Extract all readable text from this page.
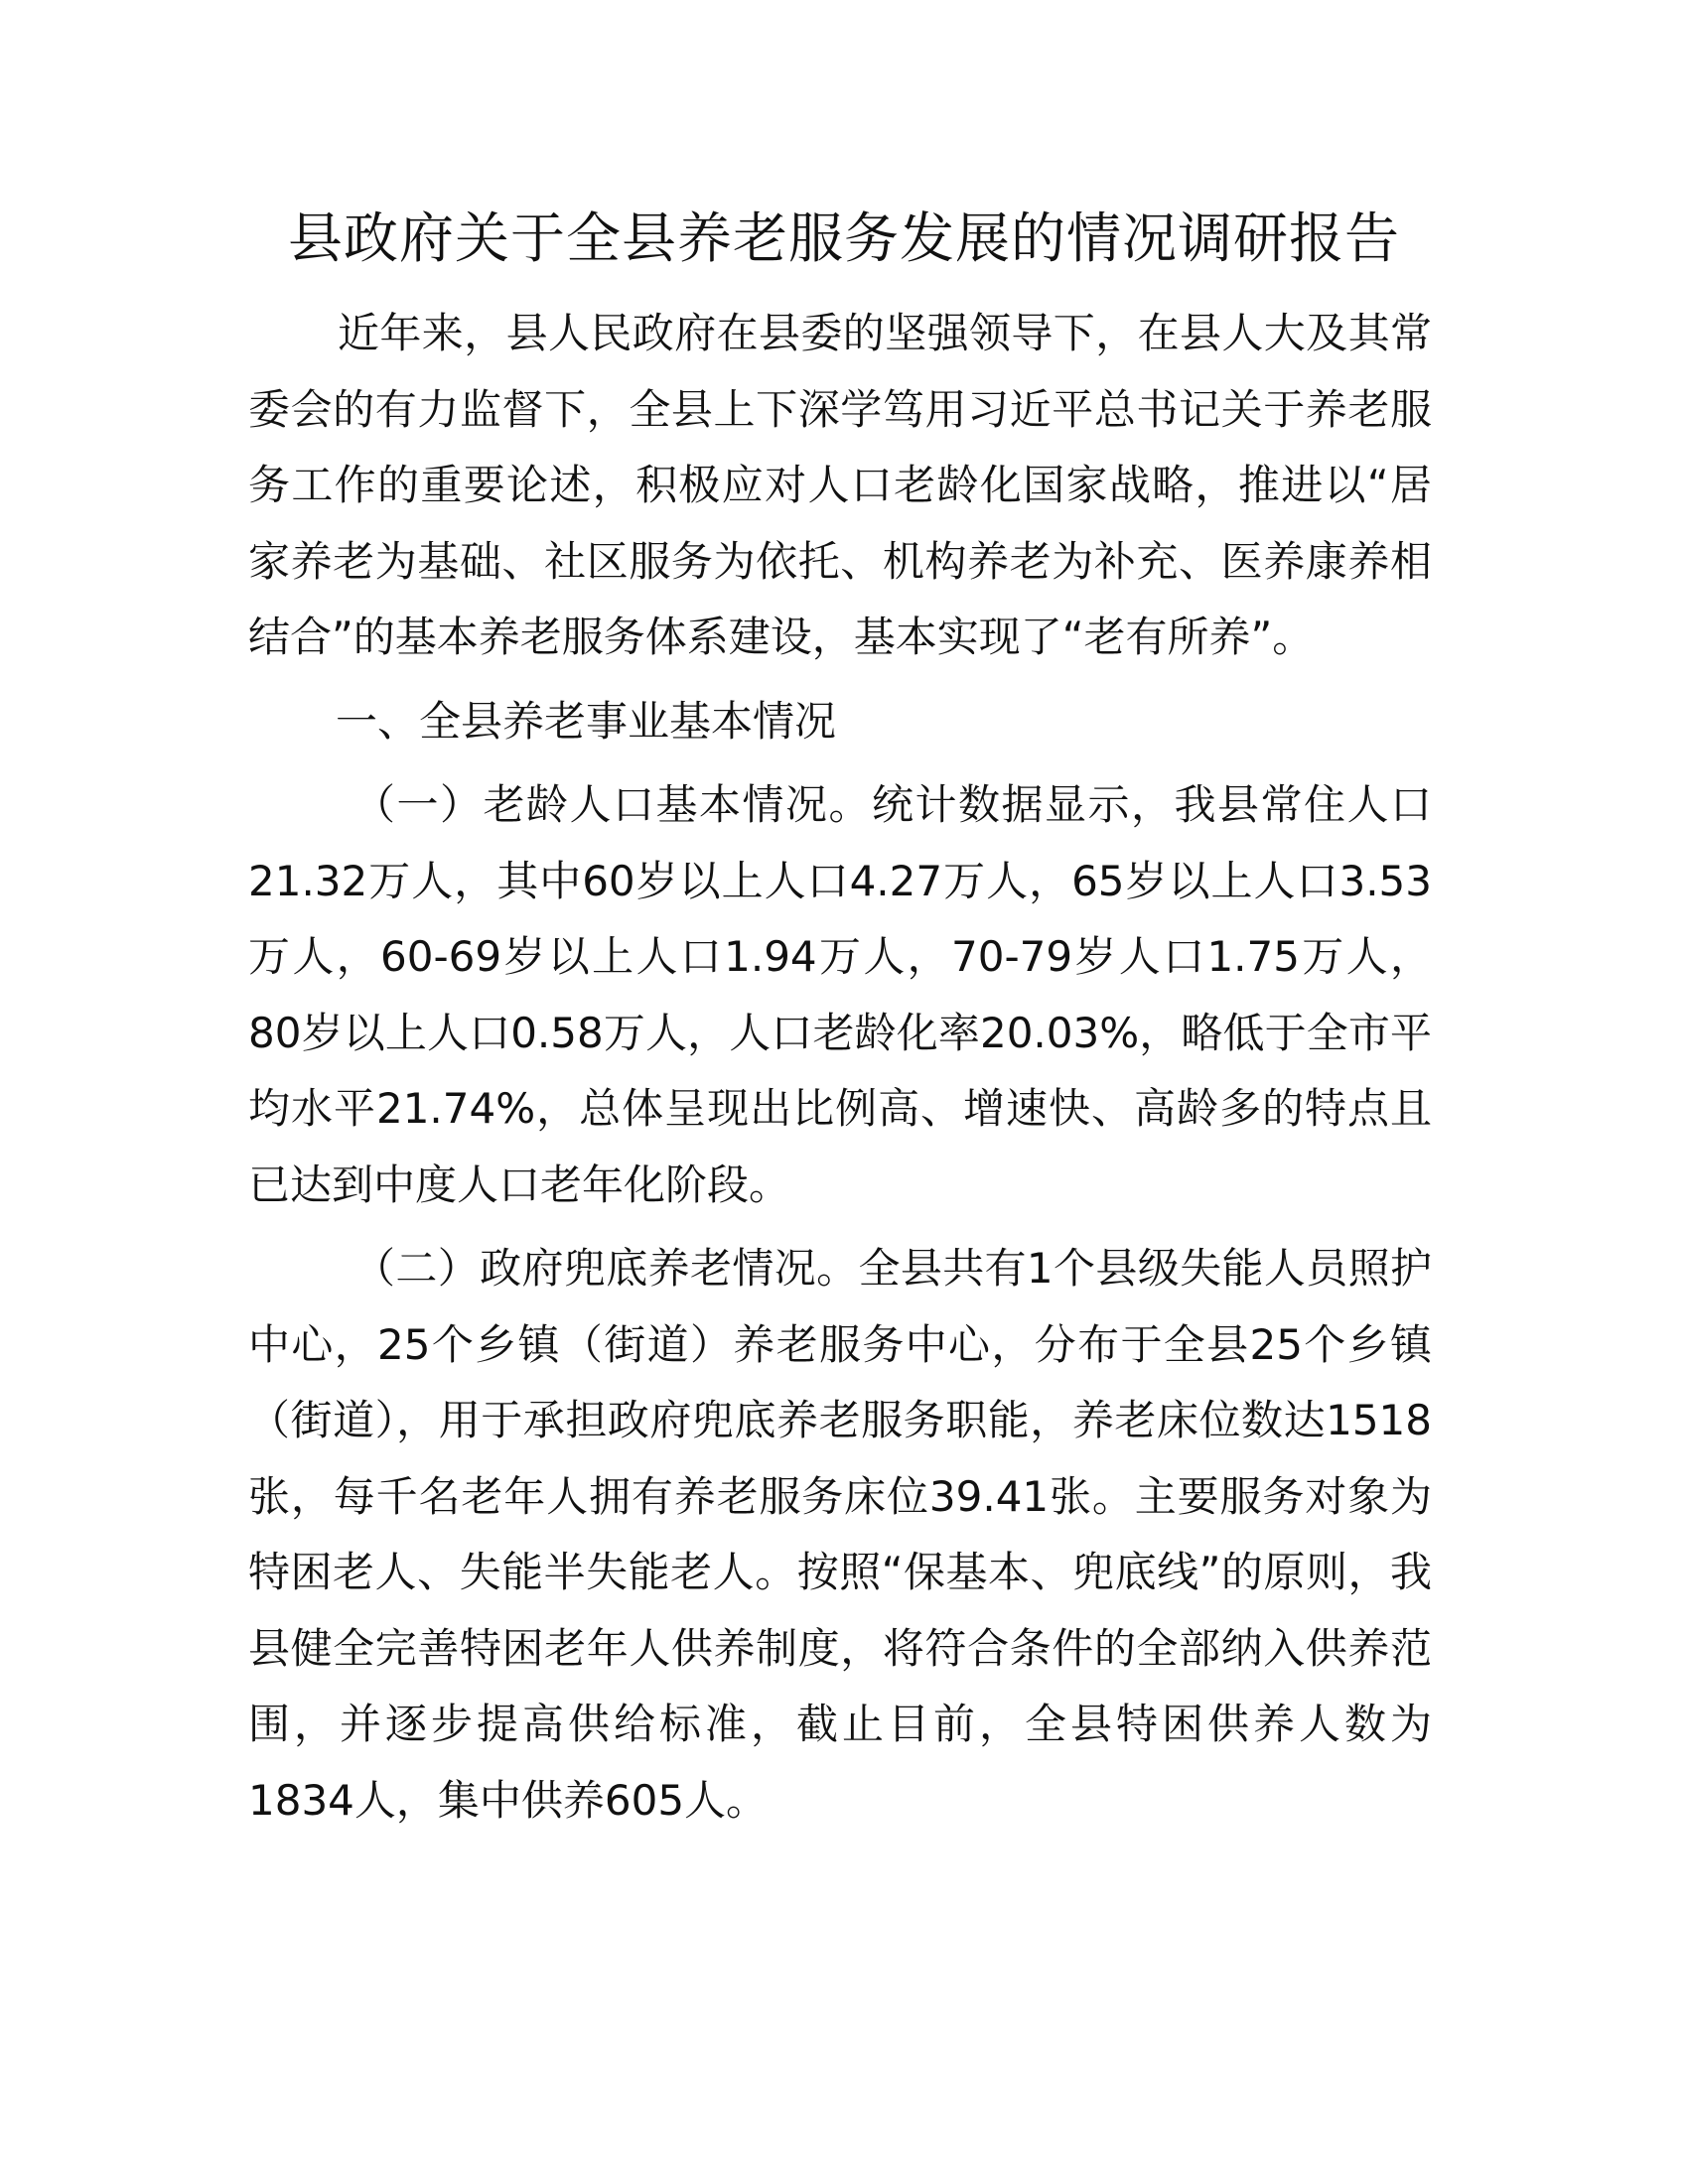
县政府关于全县养老服务发展的情况调研报告

近年来，县人民政府在县委的坚强领导下，在县人大及其常委会的有力监督下，全县上下深学笃用习近平总书记关于养老服务工作的重要论述，积极应对人口老龄化国家战略，推进以“居家养老为基础、社区服务为依托、机构养老为补充、医养康养相结合”的基本养老服务体系建设，基本实现了“老有所养”。

一、全县养老事业基本情况

（一）老龄人口基本情况。统计数据显示，我县常住人口21.32万人，其中60岁以上人口4.27万人，65岁以上人口3.53万人，60-69岁以上人口1.94万人，70-79岁人口1.75万人，80岁以上人口0.58万人，人口老龄化率20.03%，略低于全市平均水平21.74%，总体呈现出比例高、增速快、高龄多的特点且已达到中度人口老年化阶段。

（二）政府兜底养老情况。全县共有1个县级失能人员照护中心，25个乡镇（街道）养老服务中心，分布于全县25个乡镇（街道），用于承担政府兜底养老服务职能，养老床位数达1518张，每千名老年人拥有养老服务床位39.41张。主要服务对象为特困老人、失能半失能老人。按照“保基本、兜底线”的原则，我县健全完善特困老年人供养制度，将符合条件的全部纳入供养范围，并逐步提高供给标准，截止目前，全县特困供养人数为1834人，集中供养605人。
